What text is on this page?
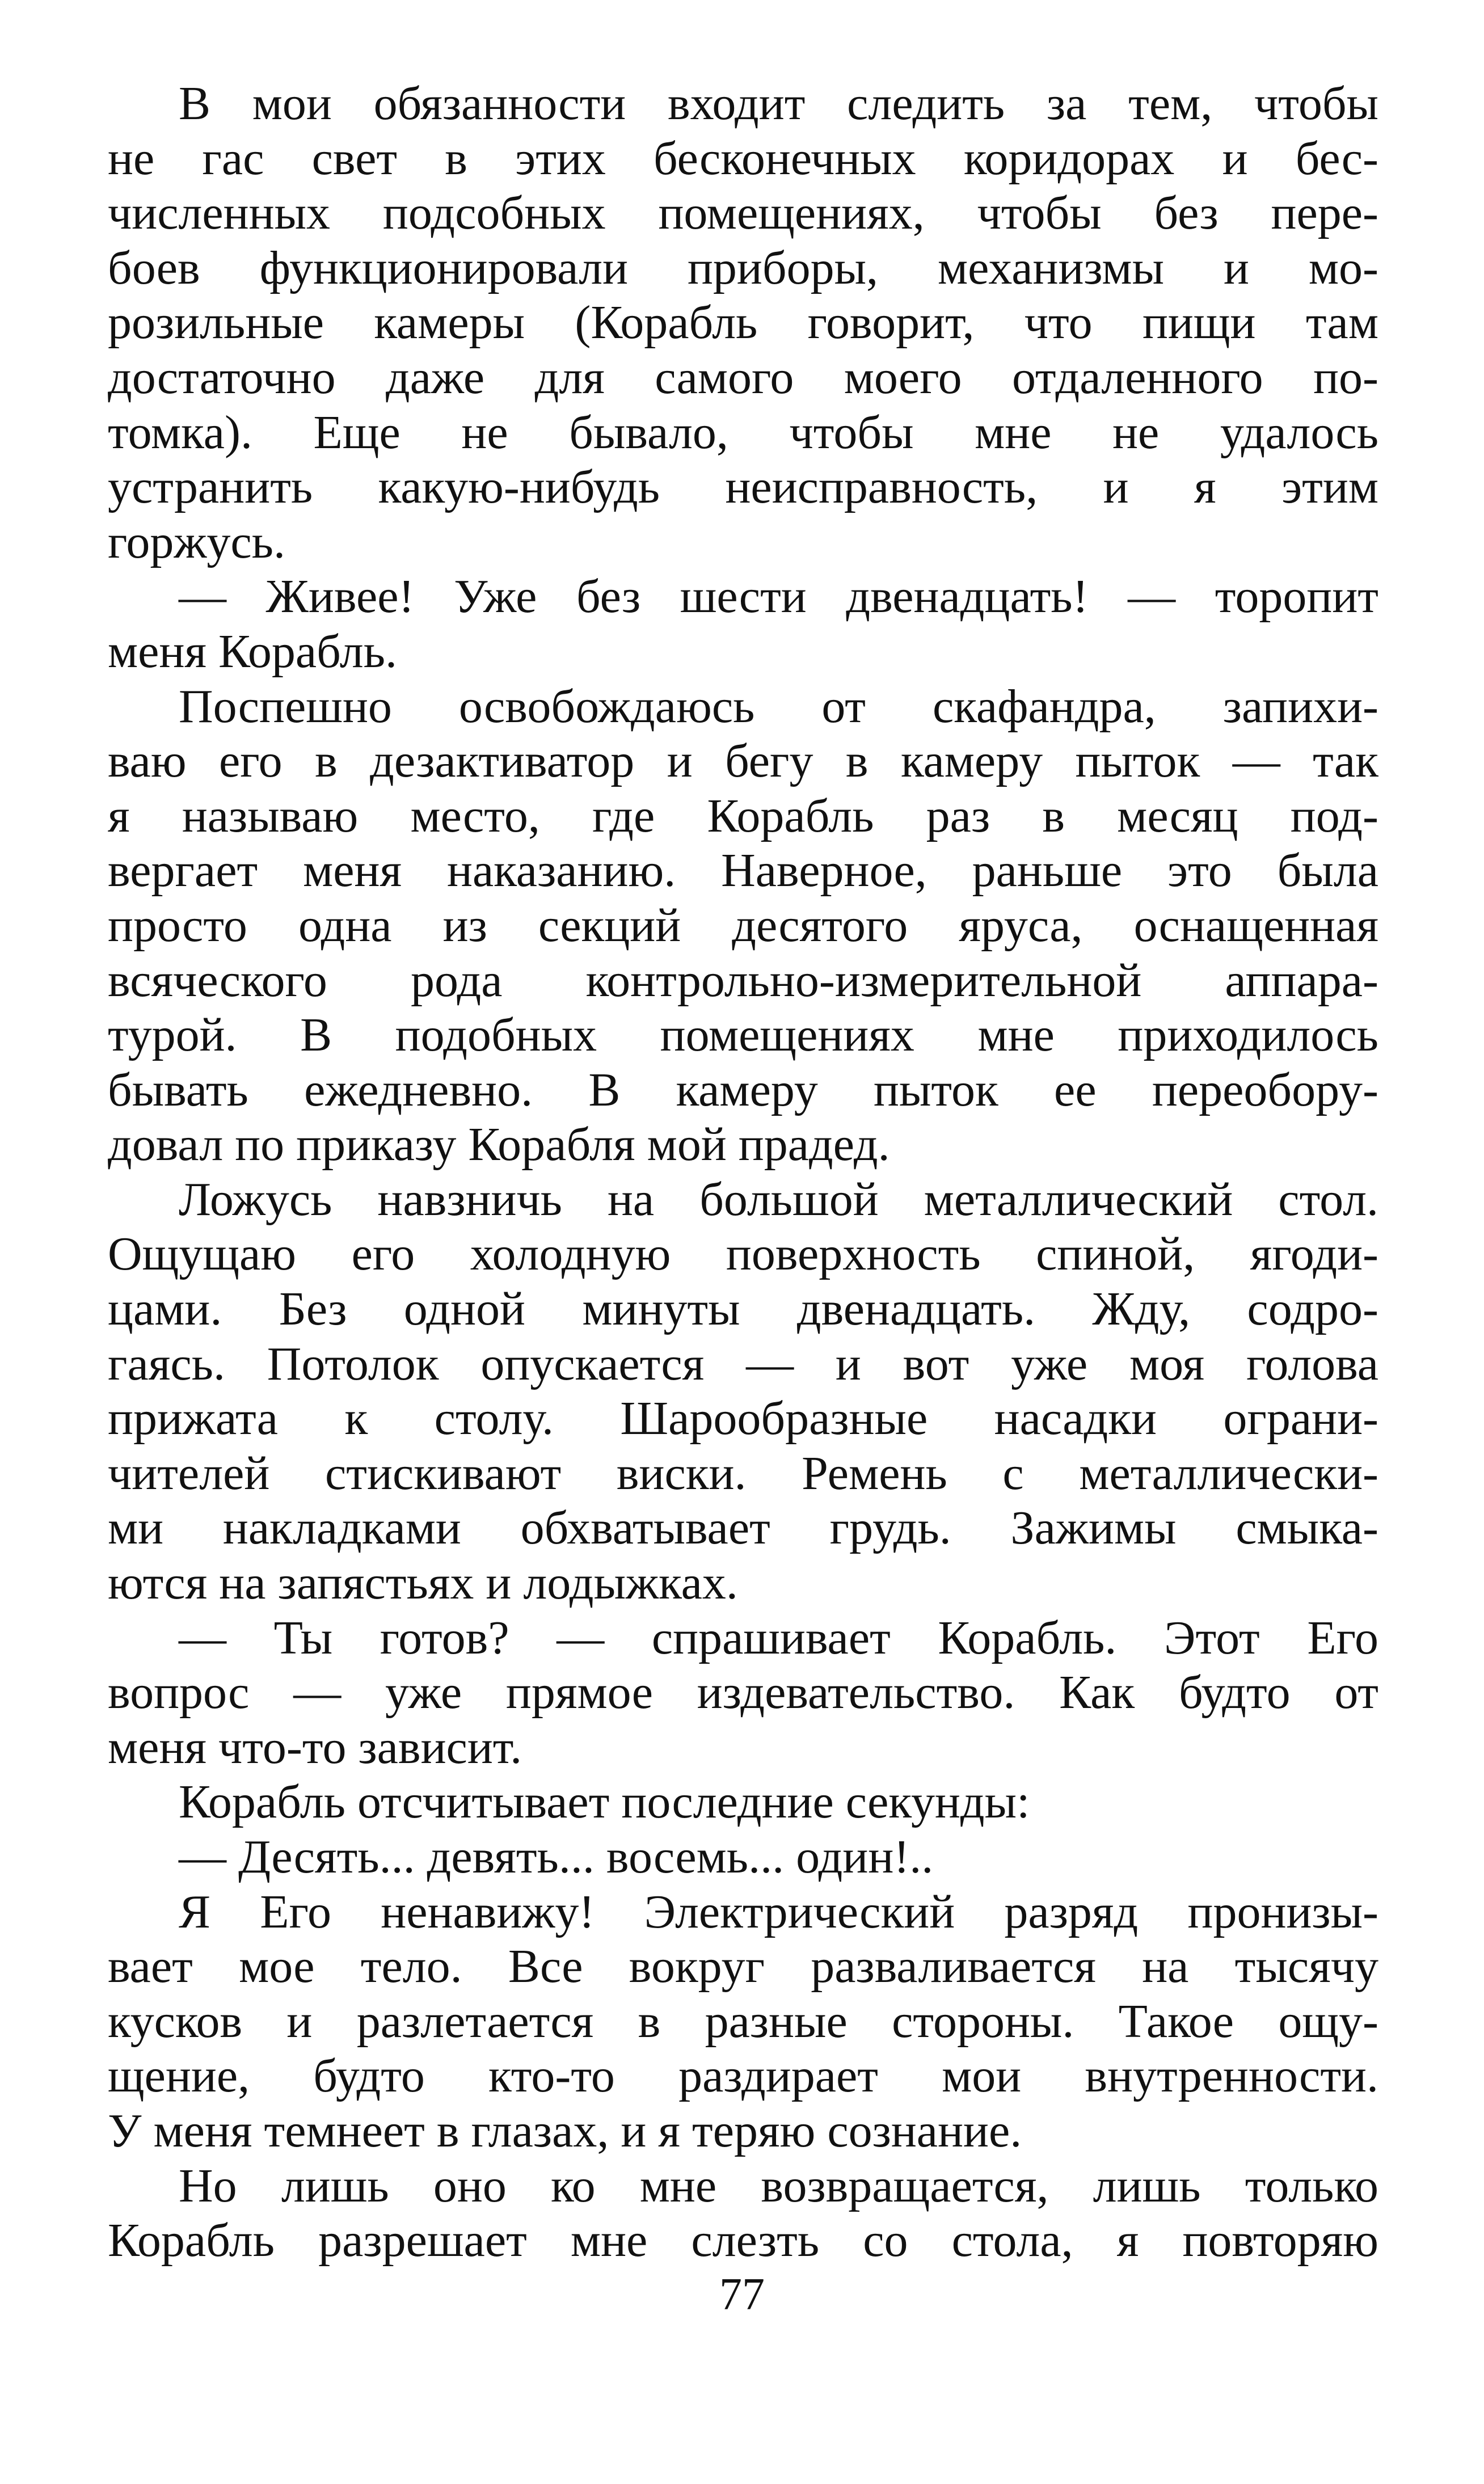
В мои обязанности входит следить за тем, чтобы
не гас свет в этих бесконечных коридорах и бес-
численных подсобных помещениях, чтобы без пере-
боев функционировали приборы, механизмы и мо-
розильные камеры (Корабль говорит, что пищи там
достаточно даже для самого моего отдаленного по-
томка). Еще не бывало, чтобы мне не удалось
устранить какую-нибудь неисправность, и я этим
горжусь.
— Живее! Уже без шести двенадцать! — торопит
меня Корабль.
Поспешно освобождаюсь от скафандра, запихи-
ваю его в дезактиватор и бегу в камеру пыток — так
я называю место, где Корабль раз в месяц под-
вергает меня наказанию. Наверное, раньше это была
просто одна из секций десятого яруса, оснащенная
всяческого рода контрольно-измерительной аппара-
турой. В подобных помещениях мне приходилось
бывать ежедневно. В камеру пыток ее переобору-
довал по приказу Корабля мой прадед.
Ложусь навзничь на большой металлический стол.
Ощущаю его холодную поверхность спиной, ягоди-
цами. Без одной минуты двенадцать. Жду, содро-
гаясь. Потолок опускается — и вот уже моя голова
прижата к столу. Шарообразные насадки ограни-
чителей стискивают виски. Ремень с металлически-
ми накладками обхватывает грудь. Зажимы смыка-
ются на запястьях и лодыжках.
— Ты готов? — спрашивает Корабль. Этот Его
вопрос — уже прямое издевательство. Как будто от
меня что-то зависит.
Корабль отсчитывает последние секунды:
— Десять... девять... восемь... один!..
Я Его ненавижу! Электрический разряд пронизы-
вает мое тело. Все вокруг разваливается на тысячу
кусков и разлетается в разные стороны. Такое ощу-
щение, будто кто-то раздирает мои внутренности.
У меня темнеет в глазах, и я теряю сознание.
Но лишь оно ко мне возвращается, лишь только
Корабль разрешает мне слезть со стола, я повторяю
77
